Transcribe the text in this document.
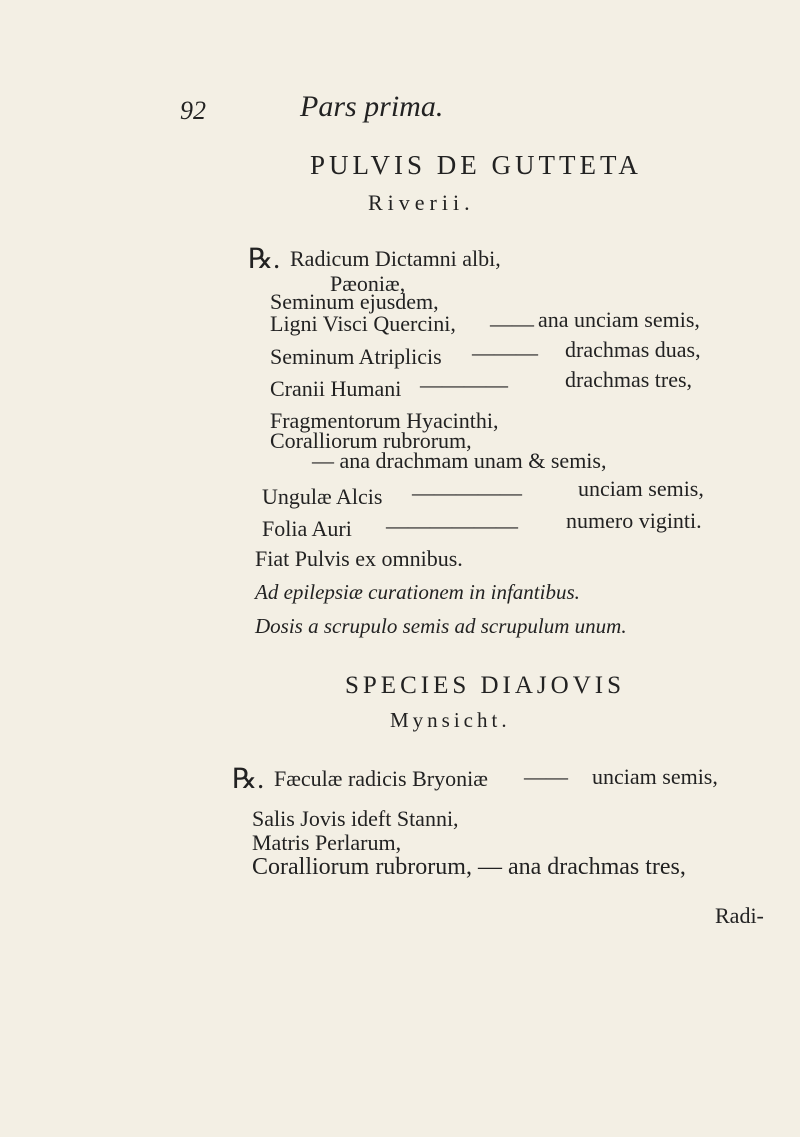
92	Pars prima.
PULVIS DE GUTTETA
Riverii.
℞. Radicum Dictamni albi,
Pæoniæ,
Seminum ejusdem,
Ligni Visci Quercini, —— ana unciam semis,
Seminum Atriplicis ——— drachmas duas,
Cranii Humani ————	drachmas tres,
Fragmentorum Hyacinthi,
Coralliorum rubrorum,
— ana drachmam unam & semis,
Ungulæ Alcis —————	unciam semis,
Folia Auri —————— numero viginti.
Fiat Pulvis ex omnibus.
Ad epilepsiæ curationem in infantibus.
Dosis a scrupulo semis ad scrupulum unum.
SPECIES DIAJOVIS
Mynsicht.
℞. Fæculæ radicis Bryoniæ —— unciam semis,
Salis Jovis ideft Stanni,
Matris Perlarum,
Coralliorum rubrorum, — ana drachmas tres,
Radi-
